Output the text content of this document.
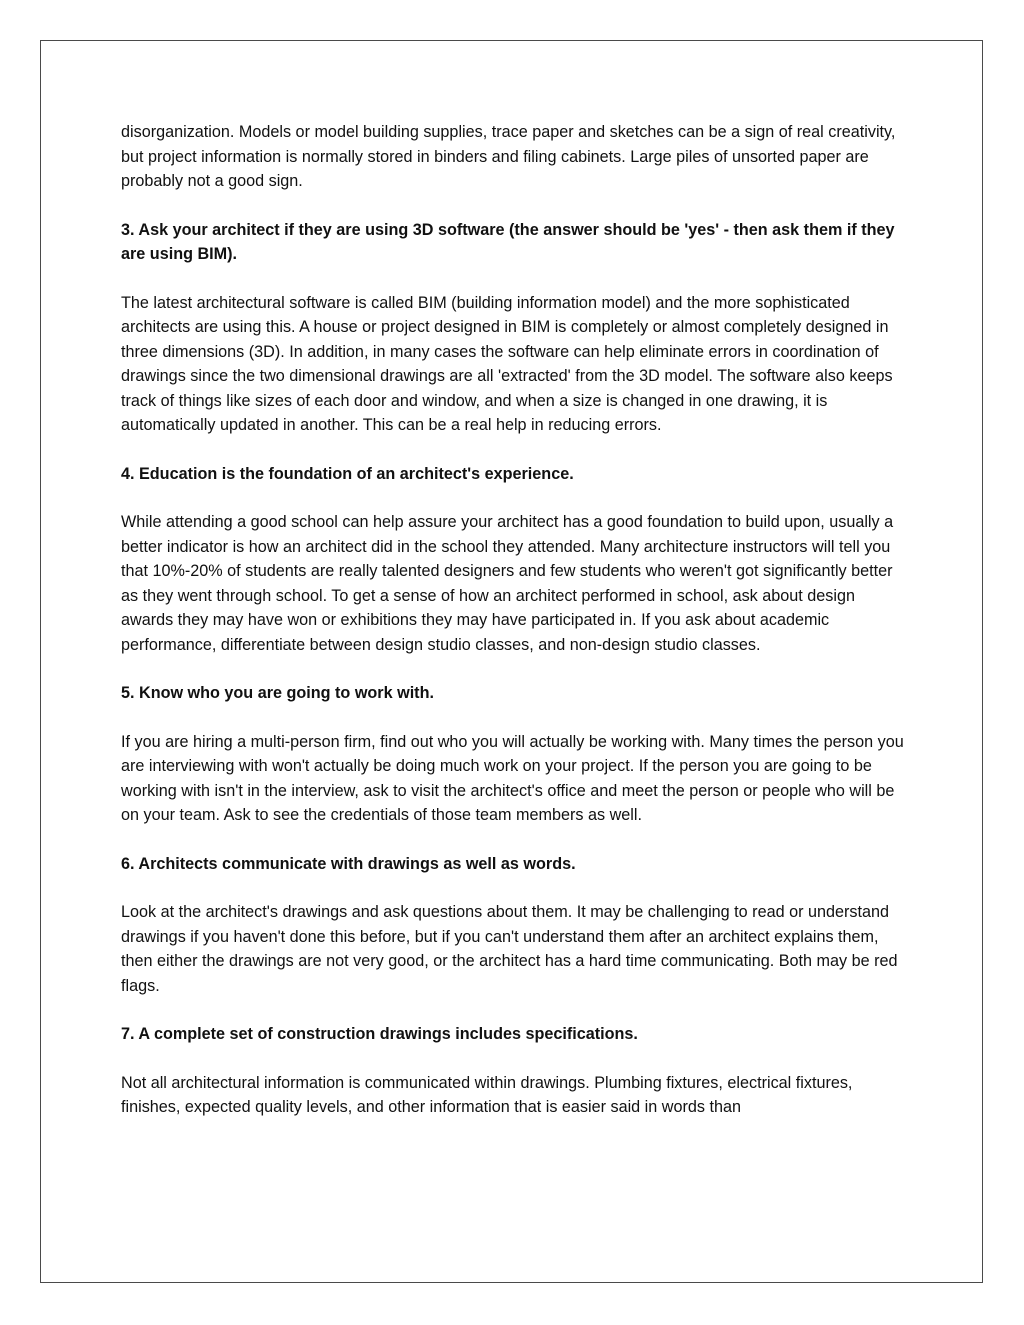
disorganization. Models or model building supplies, trace paper and sketches can be a sign of real creativity, but project information is normally stored in binders and filing cabinets. Large piles of unsorted paper are probably not a good sign.

3. Ask your architect if they are using 3D software (the answer should be 'yes' - then ask them if they are using BIM).

The latest architectural software is called BIM (building information model) and the more sophisticated architects are using this. A house or project designed in BIM is completely or almost completely designed in three dimensions (3D). In addition, in many cases the software can help eliminate errors in coordination of drawings since the two dimensional drawings are all 'extracted' from the 3D model. The software also keeps track of things like sizes of each door and window, and when a size is changed in one drawing, it is automatically updated in another. This can be a real help in reducing errors.

4. Education is the foundation of an architect's experience.

While attending a good school can help assure your architect has a good foundation to build upon, usually a better indicator is how an architect did in the school they attended. Many architecture instructors will tell you that 10%-20% of students are really talented designers and few students who weren't got significantly better as they went through school. To get a sense of how an architect performed in school, ask about design awards they may have won or exhibitions they may have participated in. If you ask about academic performance, differentiate between design studio classes, and non-design studio classes.

5. Know who you are going to work with.

If you are hiring a multi-person firm, find out who you will actually be working with. Many times the person you are interviewing with won't actually be doing much work on your project. If the person you are going to be working with isn't in the interview, ask to visit the architect's office and meet the person or people who will be on your team. Ask to see the credentials of those team members as well.

6. Architects communicate with drawings as well as words.

Look at the architect's drawings and ask questions about them. It may be challenging to read or understand drawings if you haven't done this before, but if you can't understand them after an architect explains them, then either the drawings are not very good, or the architect has a hard time communicating. Both may be red flags.

7. A complete set of construction drawings includes specifications.

Not all architectural information is communicated within drawings. Plumbing fixtures, electrical fixtures, finishes, expected quality levels, and other information that is easier said in words than
